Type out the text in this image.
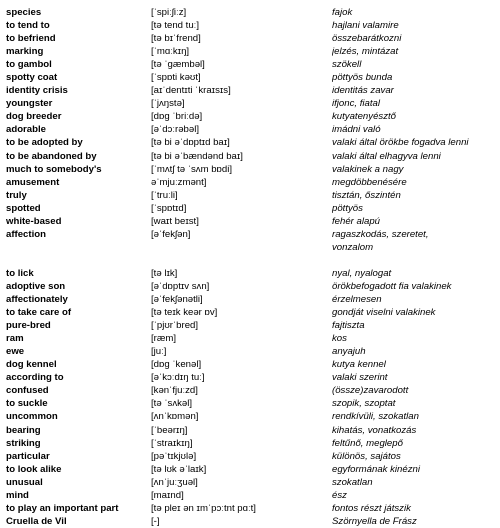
species	[ˈspiːʃiːz]	fajok
to tend to	[tə tend tuː]	hajlani valamire
to befriend	[tə bɪˈfrend]	összebarátkozni
marking	[ˈmɑːkɪŋ]	jelzés, mintázat
to gambol	[tə ˈɡæmbəl]	szökell
spotty coat	[ˈspɒti kəʊt]	pöttyös bunda
identity crisis	[aɪˈdentɪti ˈkraɪsɪs]	identitás zavar
youngster	[ˈjʌŋstə]	ifjonc, fiatal
dog breeder	[dɒɡ ˈbriːdə]	kutyatenyésztő
adorable	[əˈdɔːrəbəl]	imádni való
to be adopted by	[tə bi əˈdɒptɪd baɪ]	valaki által örökbe fogadva lenni
to be abandoned by	[tə bi əˈbændənd baɪ]	valaki által elhagyva lenni
much to somebody's	[ˈmʌtʃ tə ˈsʌm bɒdi]	valakinek a nagy
amusement	əˈmjuːzmənt]	megdöbbenésére
truly	[ˈtruːli]	tisztán, őszintén
spotted	[ˈspɒtɪd]	pöttyös
white-based	[waɪt beɪst]	fehér alapú
affection	[əˈfekʃən]	ragaszkodás, szeretet,
vonzalom
to lick	[tə lɪk]	nyal, nyalogat
adoptive son	[əˈdɒptɪv sʌn]	örökbefogadott fia valakinek
affectionately	[əˈfekʃənətli]	érzelmesen
to take care of	[tə teɪk keər ɒv]	gondját viselni valakinek
pure-bred	[ˈpjʊrˈbred]	fajtiszta
ram	[ræm]	kos
ewe	[juː]	anyajuh
dog kennel	[dɒɡ ˈkenəl]	kutya kennel
according to	[əˈkɔːdɪŋ tuː]	valaki szerint
confused	[kənˈfjuːzd]	(össze)zavarodott
to suckle	[tə ˈsʌkəl]	szopik, szoptat
uncommon	[ʌnˈkɒmən]	rendkívüli, szokatlan
bearing	[ˈbeərɪŋ]	kihatás, vonatkozás
striking	[ˈstraɪkɪŋ]	feltűnő, meglepő
particular	[pəˈtɪkjʊlə]	különös, sajátos
to look alike	[tə lʊk əˈlaɪk]	egyformának kinézni
unusual	[ʌnˈjuːʒuəl]	szokatlan
mind	[maɪnd]	ész
to play an important part	[tə pleɪ ən ɪmˈpɔːtnt pɑːt]	fontos részt játszik
Cruella de Vil	[-]	Szörnyella de Frász
